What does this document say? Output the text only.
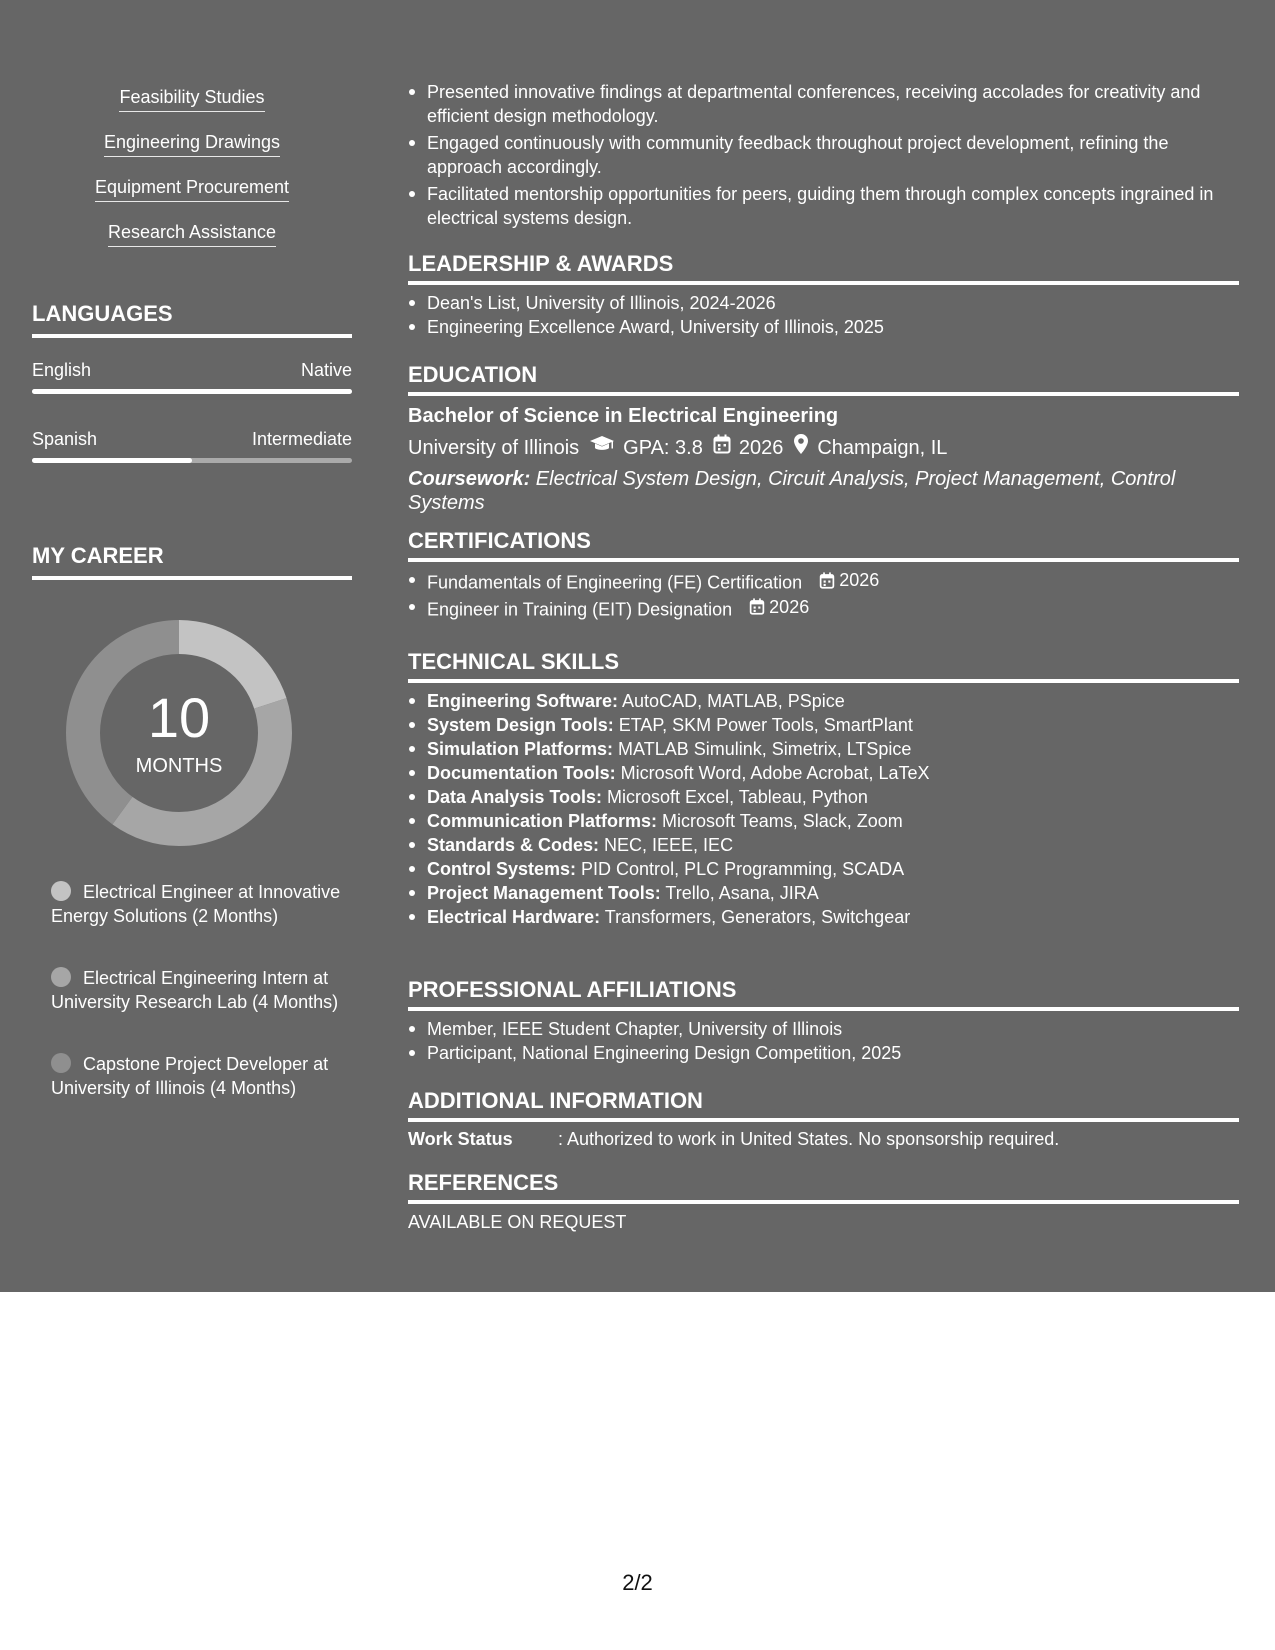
Feasibility Studies
Engineering Drawings
Equipment Procurement
Research Assistance
LANGUAGES
English	Native
Spanish	Intermediate
MY CAREER
10
MONTHS
Electrical Engineer at Innovative Energy Solutions (2 Months)
Electrical Engineering Intern at University Research Lab (4 Months)
Capstone Project Developer at University of Illinois (4 Months)
Presented innovative findings at departmental conferences, receiving accolades for creativity and efficient design methodology.
Engaged continuously with community feedback throughout project development, refining the approach accordingly.
Facilitated mentorship opportunities for peers, guiding them through complex concepts ingrained in electrical systems design.
LEADERSHIP & AWARDS
Dean's List, University of Illinois, 2024-2026
Engineering Excellence Award, University of Illinois, 2025
EDUCATION
Bachelor of Science in Electrical Engineering
University of Illinois GPA: 3.8 2026 Champaign, IL
Coursework: Electrical System Design, Circuit Analysis, Project Management, Control Systems
CERTIFICATIONS
Fundamentals of Engineering (FE) Certification 2026
Engineer in Training (EIT) Designation 2026
TECHNICAL SKILLS
Engineering Software: AutoCAD, MATLAB, PSpice
System Design Tools: ETAP, SKM Power Tools, SmartPlant
Simulation Platforms: MATLAB Simulink, Simetrix, LTSpice
Documentation Tools: Microsoft Word, Adobe Acrobat, LaTeX
Data Analysis Tools: Microsoft Excel, Tableau, Python
Communication Platforms: Microsoft Teams, Slack, Zoom
Standards & Codes: NEC, IEEE, IEC
Control Systems: PID Control, PLC Programming, SCADA
Project Management Tools: Trello, Asana, JIRA
Electrical Hardware: Transformers, Generators, Switchgear
PROFESSIONAL AFFILIATIONS
Member, IEEE Student Chapter, University of Illinois
Participant, National Engineering Design Competition, 2025
ADDITIONAL INFORMATION
Work Status	: Authorized to work in United States. No sponsorship required.
REFERENCES
AVAILABLE ON REQUEST
2/2
